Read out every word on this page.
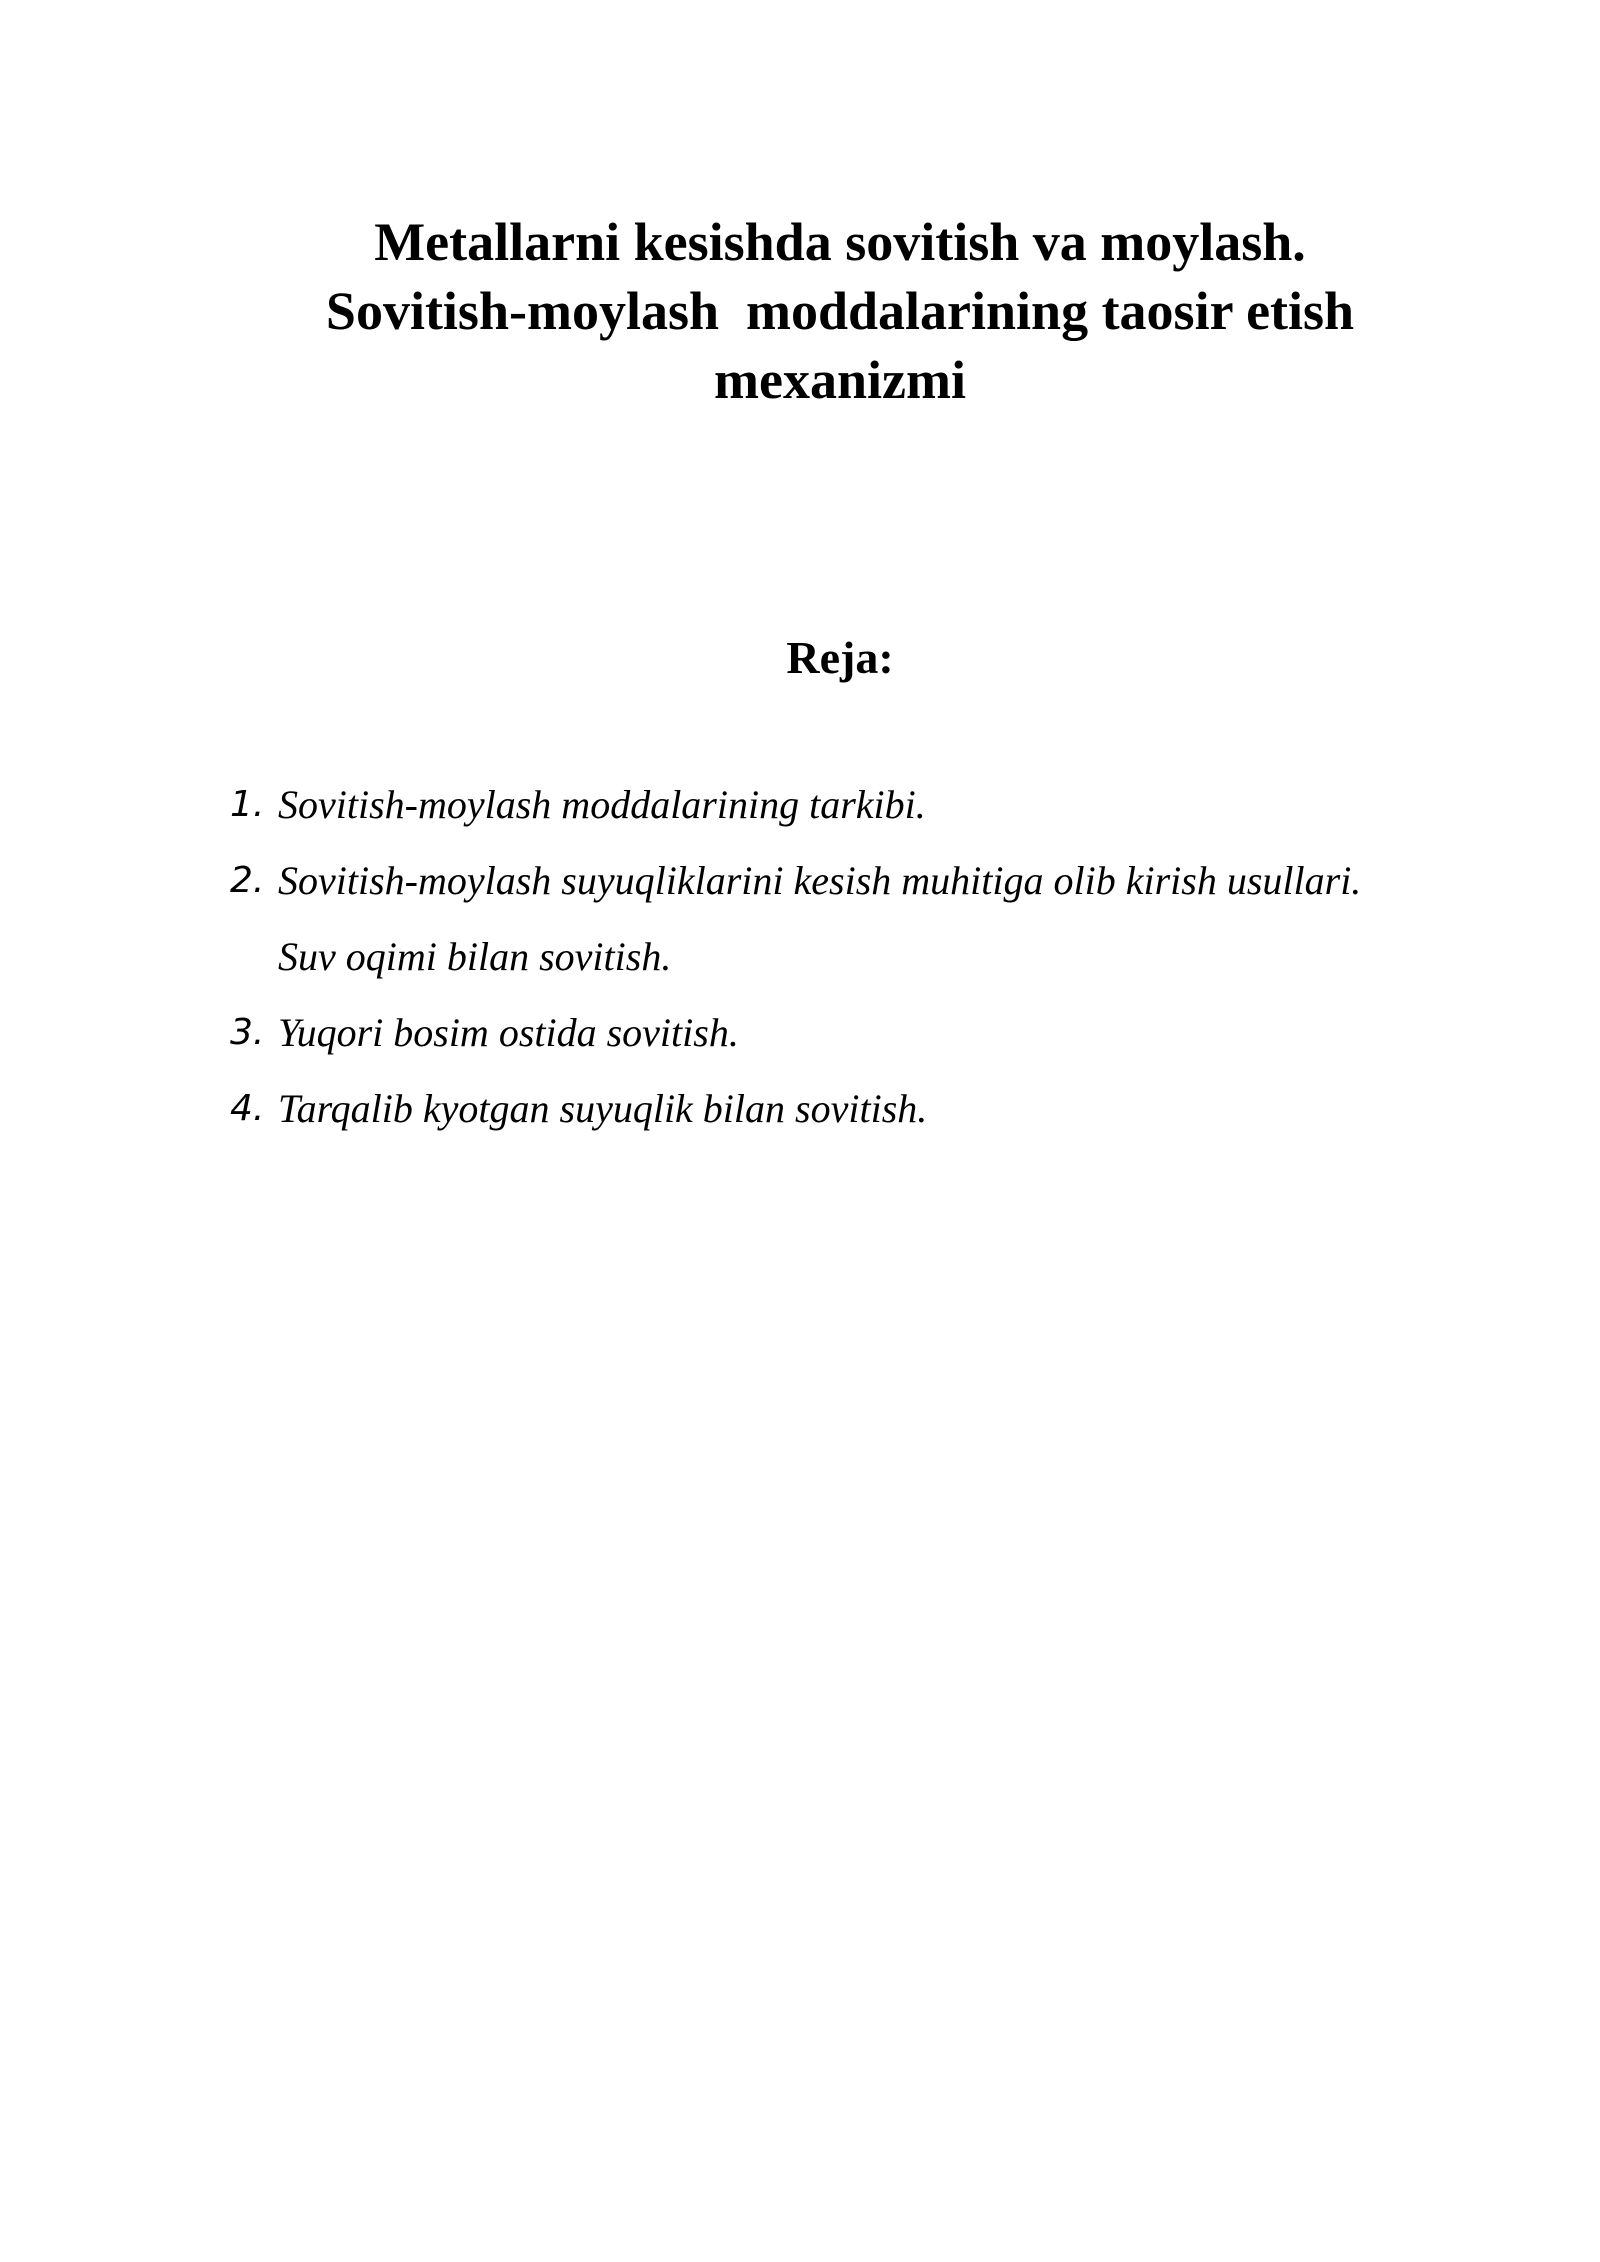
Metallarni kesishda sovitish va moylash.
Sovitish-moylash  moddalarining taosir etish
mexanizmi
Reja:
1. Sovitish-moylash moddalarining tarkibi.
2. Sovitish-moylash suyuqliklarini kesish muhitiga olib kirish usullari.
Suv oqimi bilan sovitish.
3. Yuqori bosim ostida sovitish.
4. Tarqalib kyotgan suyuqlik bilan sovitish.
